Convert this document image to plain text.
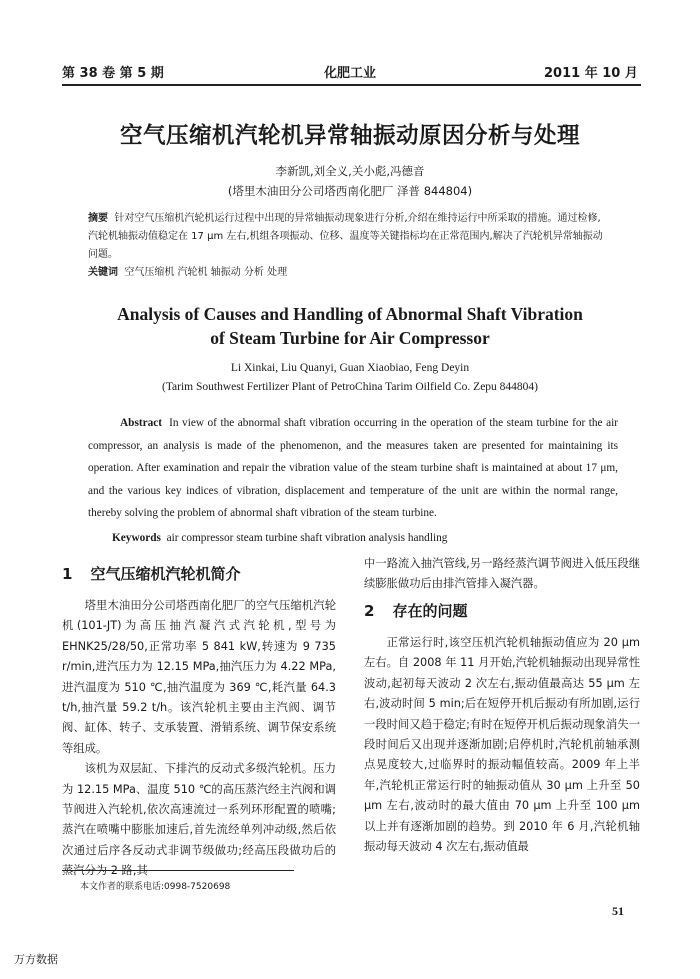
第 38 卷 第 5 期	化肥工业	2011 年 10 月
空气压缩机汽轮机异常轴振动原因分析与处理
李新凯,刘全义,关小彪,冯德音
(塔里木油田分公司塔西南化肥厂 泽普 844804)
摘要 针对空气压缩机汽轮机运行过程中出现的异常轴振动现象进行分析,介绍在维持运行中所采取的措施。通过检修,汽轮机轴振动值稳定在 17 μm 左右,机组各项振动、位移、温度等关键指标均在正常范围内,解决了汽轮机异常轴振动问题。
关键词 空气压缩机 汽轮机 轴振动 分析 处理
Analysis of Causes and Handling of Abnormal Shaft Vibration
of Steam Turbine for Air Compressor
Li Xinkai, Liu Quanyi, Guan Xiaobiao, Feng Deyin
(Tarim Southwest Fertilizer Plant of PetroChina Tarim Oilfield Co. Zepu 844804)
Abstract In view of the abnormal shaft vibration occurring in the operation of the steam turbine for the air compressor, an analysis is made of the phenomenon, and the measures taken are presented for maintaining its operation. After examination and repair the vibration value of the steam turbine shaft is maintained at about 17 μm, and the various key indices of vibration, displacement and temperature of the unit are within the normal range, thereby solving the problem of abnormal shaft vibration of the steam turbine.
Keywords air compressor steam turbine shaft vibration analysis handling
1 空气压缩机汽轮机简介

塔里木油田分公司塔西南化肥厂的空气压缩机汽轮机(101-JT)为高压抽汽凝汽式汽轮机,型号为 EHNK25/28/50,正常功率 5 841 kW,转速为 9 735 r/min,进汽压力为 12.15 MPa,抽汽压力为 4.22 MPa,进汽温度为 510 ℃,抽汽温度为 369 ℃,耗汽量 64.3 t/h,抽汽量 59.2 t/h。该汽轮机主要由主汽阀、调节阀、缸体、转子、支承装置、滑销系统、调节保安系统等组成。

该机为双层缸、下排汽的反动式多级汽轮机。压力为 12.15 MPa、温度 510 ℃的高压蒸汽经主汽阀和调节阀进入汽轮机,依次高速流过一系列环形配置的喷嘴;蒸汽在喷嘴中膨胀加速后,首先流经单列冲动级,然后依次通过后序各反动式非调节级做功;经高压段做功后的

中一路流入抽汽管线,另一路经蒸汽调节阀进入低压段继续膨胀做功后由排汽管排入凝汽器。
2 存在的问题

正常运行时,该空压机汽轮机轴振动值应为 20 μm 左右。自 2008 年 11 月开始,汽轮机轴振动出现异常性波动,起初每天波动 2 次左右,振动值最高达 55 μm 左右,波动时间 5 min;后在短停开机后振动有所加剧,运行一段时间又趋于稳定;有时在短停开机后振动现象消失一段时间后又出现并逐渐加剧;启停机时,汽轮机前轴承测点晃度较大,过临界时的振动幅值较高。2009 年上半年,汽轮机正常运行时的轴振动值从 30 μm 上升至 50 μm 左右,波动时的最大值由 70 μm 上升至 100 μm 以上并有逐渐加剧的趋势。到 2010 年 6 月,汽轮机轴振动每天波动 4 次左右,振动值最

本文作者的联系电话:0998-7520698
51
万方数据
